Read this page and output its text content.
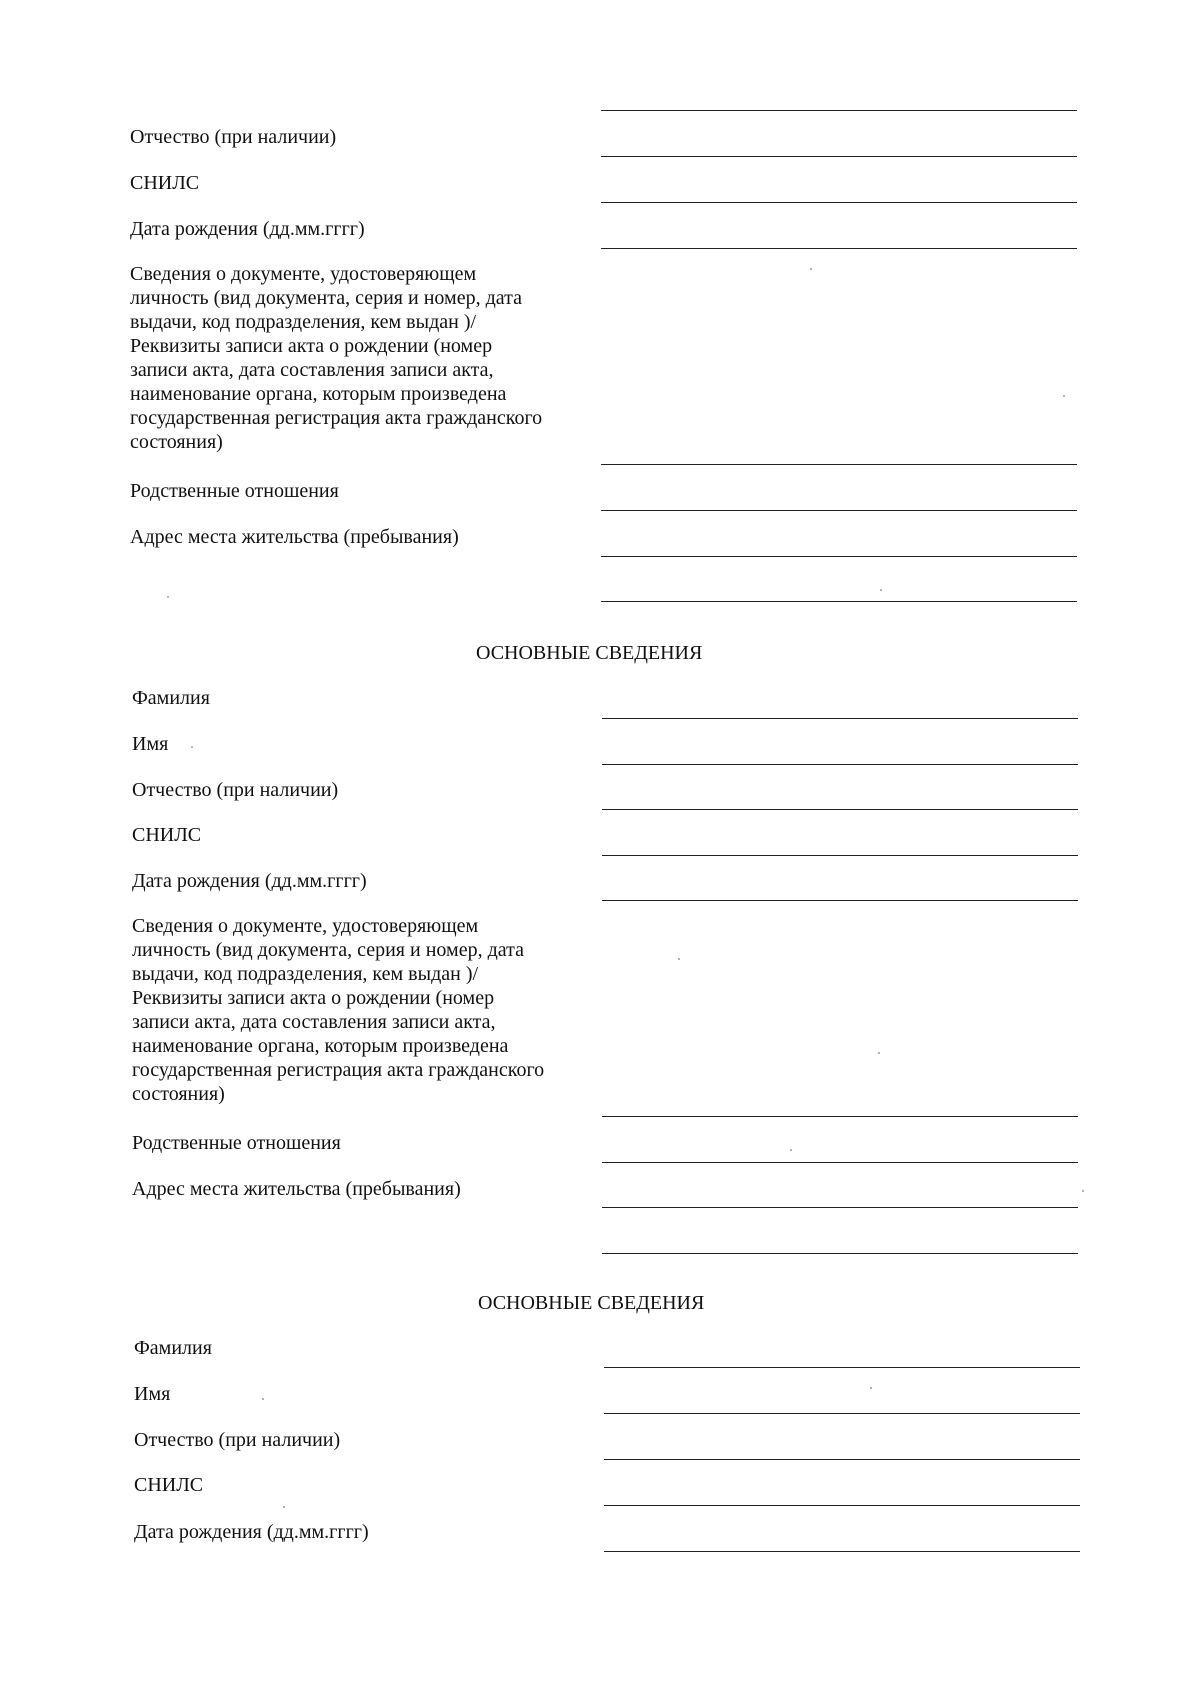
Отчество (при наличии)
СНИЛС
Дата рождения (дд.мм.гггг)
Сведения о документе, удостоверяющем
личность (вид документа, серия и номер, дата
выдачи, код подразделения, кем выдан )/
Реквизиты записи акта о рождении (номер
записи акта, дата составления записи акта,
наименование органа, которым произведена
государственная регистрация акта гражданского
состояния)
Родственные отношения
Адрес места жительства (пребывания)
ОСНОВНЫЕ СВЕДЕНИЯ
Фамилия
Имя
Отчество (при наличии)
СНИЛС
Дата рождения (дд.мм.гггг)
Сведения о документе, удостоверяющем
личность (вид документа, серия и номер, дата
выдачи, код подразделения, кем выдан )/
Реквизиты записи акта о рождении (номер
записи акта, дата составления записи акта,
наименование органа, которым произведена
государственная регистрация акта гражданского
состояния)
Родственные отношения
Адрес места жительства (пребывания)
ОСНОВНЫЕ СВЕДЕНИЯ
Фамилия
Имя
Отчество (при наличии)
СНИЛС
Дата рождения (дд.мм.гггг)
